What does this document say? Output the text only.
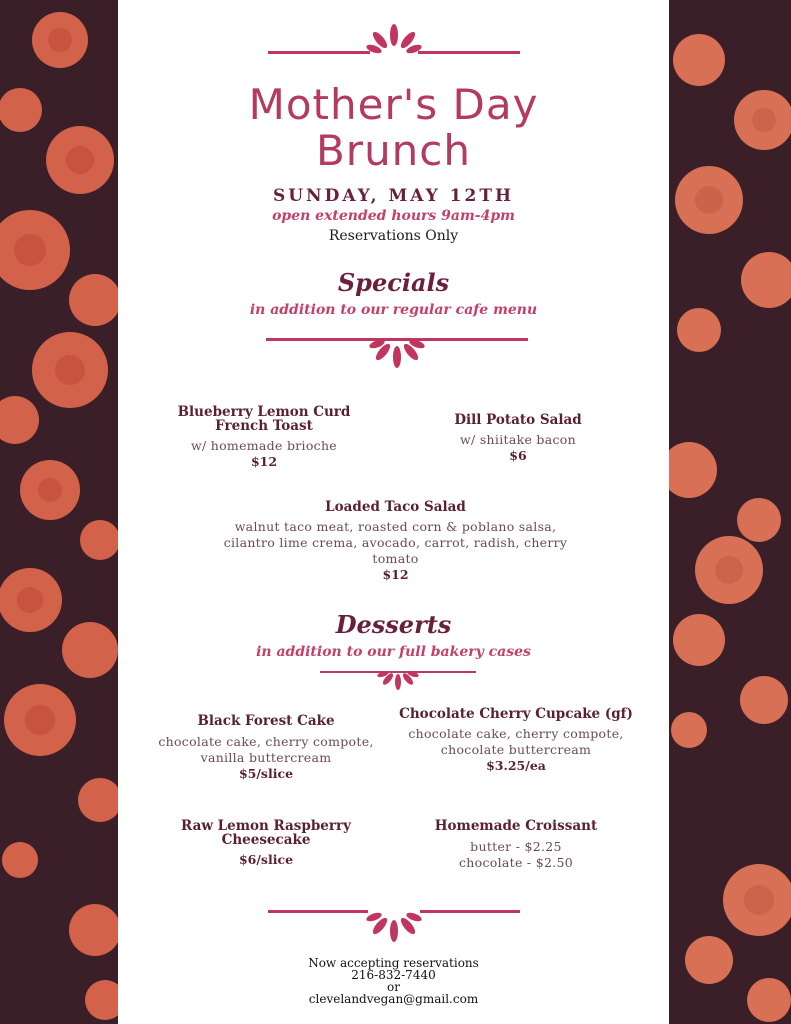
Mother's Day

Brunch

SUNDAY, MAY 12TH

open extended hours 9am-4pm

Reservations Only

Specials

in addition to our regular cafe menu

Blueberry Lemon Curd French Toast

w/ homemade brioche

$12

Dill Potato Salad

w/ shiitake bacon

$6

Loaded Taco Salad

walnut taco meat, roasted corn & poblano salsa, cilantro lime crema, avocado, carrot, radish, cherry tomato

$12

Desserts

in addition to our full bakery cases

Black Forest Cake

chocolate cake, cherry compote, vanilla buttercream

$5/slice

Chocolate Cherry Cupcake (gf)

chocolate cake, cherry compote, chocolate buttercream

$3.25/ea

Raw Lemon Raspberry Cheesecake

$6/slice

Homemade Croissant

butter - $2.25

chocolate - $2.50

Now accepting reservations
216-832-7440
or
clevelandvegan@gmail.com
